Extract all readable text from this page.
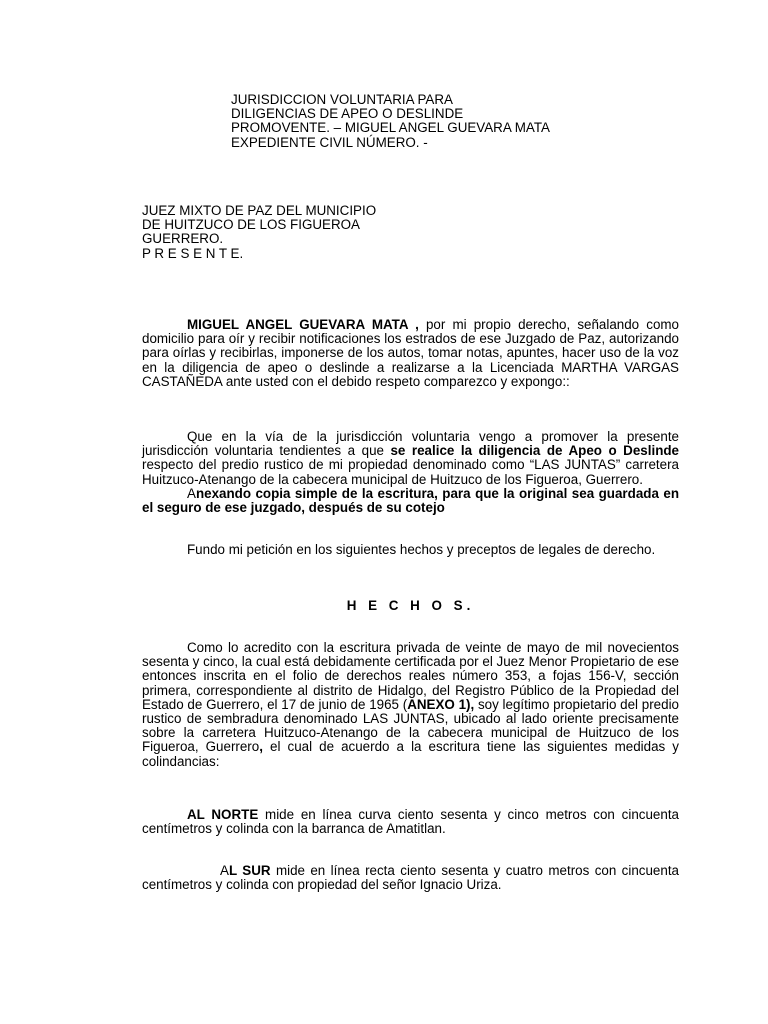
JURISDICCION VOLUNTARIA PARA
DILIGENCIAS DE APEO O DESLINDE
PROMOVENTE. – MIGUEL ANGEL GUEVARA MATA
EXPEDIENTE CIVIL NÚMERO. -
JUEZ MIXTO DE PAZ DEL MUNICIPIO
DE HUITZUCO DE LOS FIGUEROA
GUERRERO.
P R E S E N T E.
MIGUEL ANGEL GUEVARA MATA , por mi propio derecho, señalando como domicilio para oír y recibir notificaciones los estrados de ese Juzgado de Paz, autorizando para oírlas y recibirlas, imponerse de los autos, tomar notas, apuntes, hacer uso de la voz en la diligencia de apeo o deslinde a realizarse a la Licenciada MARTHA VARGAS CASTAÑEDA ante usted con el debido respeto comparezco y expongo::
Que en la vía de la jurisdicción voluntaria vengo a promover la presente jurisdicción voluntaria tendientes a que se realice la diligencia de Apeo o Deslinde respecto del predio rustico de mi propiedad denominado como “LAS JUNTAS” carretera Huitzuco-Atenango de la cabecera municipal de Huitzuco de los Figueroa, Guerrero.
Anexando copia simple de la escritura, para que la original sea guardada en el seguro de ese juzgado, después de su cotejo
Fundo mi petición en los siguientes hechos y preceptos de legales de derecho.
H E C H O S.
Como lo acredito con la escritura privada de veinte de mayo de mil novecientos sesenta y cinco, la cual está debidamente certificada por el Juez Menor Propietario de ese entonces inscrita en el folio de derechos reales número 353, a fojas 156-V, sección primera, correspondiente al distrito de Hidalgo, del Registro Público de la Propiedad del Estado de Guerrero, el 17 de junio de 1965 (ANEXO 1), soy legítimo propietario del predio rustico de sembradura denominado LAS JUNTAS, ubicado al lado oriente precisamente sobre la carretera Huitzuco-Atenango de la cabecera municipal de Huitzuco de los Figueroa, Guerrero, el cual de acuerdo a la escritura tiene las siguientes medidas y colindancias:
AL NORTE mide en línea curva ciento sesenta y cinco metros con cincuenta centímetros y colinda con la barranca de Amatitlan.
AL SUR mide en línea recta ciento sesenta y cuatro metros con cincuenta centímetros y colinda con propiedad del señor Ignacio Uriza.
